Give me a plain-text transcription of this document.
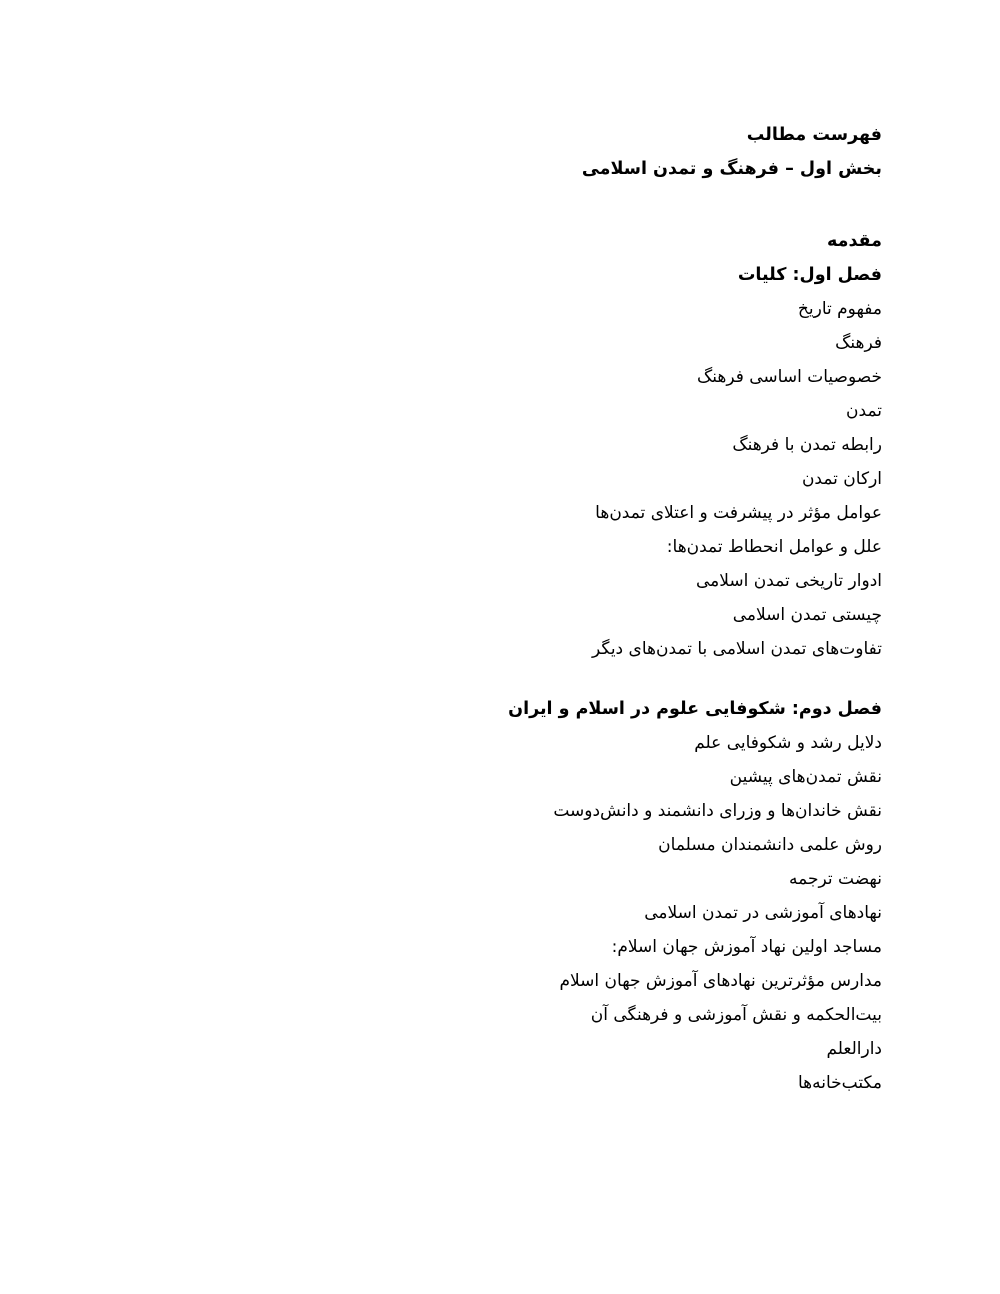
فهرست مطالب
بخش اول – فرهنگ و تمدن اسلامی
مقدمه
فصل اول: کلیات
مفهوم تاریخ
فرهنگ
خصوصیات اساسی فرهنگ
تمدن
رابطه تمدن با فرهنگ
ارکان تمدن
عوامل مؤثر در پیشرفت و اعتلای تمدن‌ها
علل و عوامل انحطاط تمدن‌ها:
ادوار تاریخی تمدن اسلامی
چیستی تمدن اسلامی
تفاوت‌های تمدن اسلامی با تمدن‌های دیگر
فصل دوم: شکوفایی علوم در اسلام و ایران
دلایل رشد و شکوفایی علم
نقش تمدن‌های پیشین
نقش خاندان‌ها و وزرای دانشمند و دانش‌دوست
روش علمی دانشمندان مسلمان
نهضت ترجمه
نهادهای آموزشی در تمدن اسلامی
مساجد اولین نهاد آموزش جهان اسلام:
مدارس مؤثرترین نهادهای آموزش جهان اسلام
بیت‌الحکمه و نقش آموزشی و فرهنگی آن
دارالعلم
مکتب‌خانه‌ها
